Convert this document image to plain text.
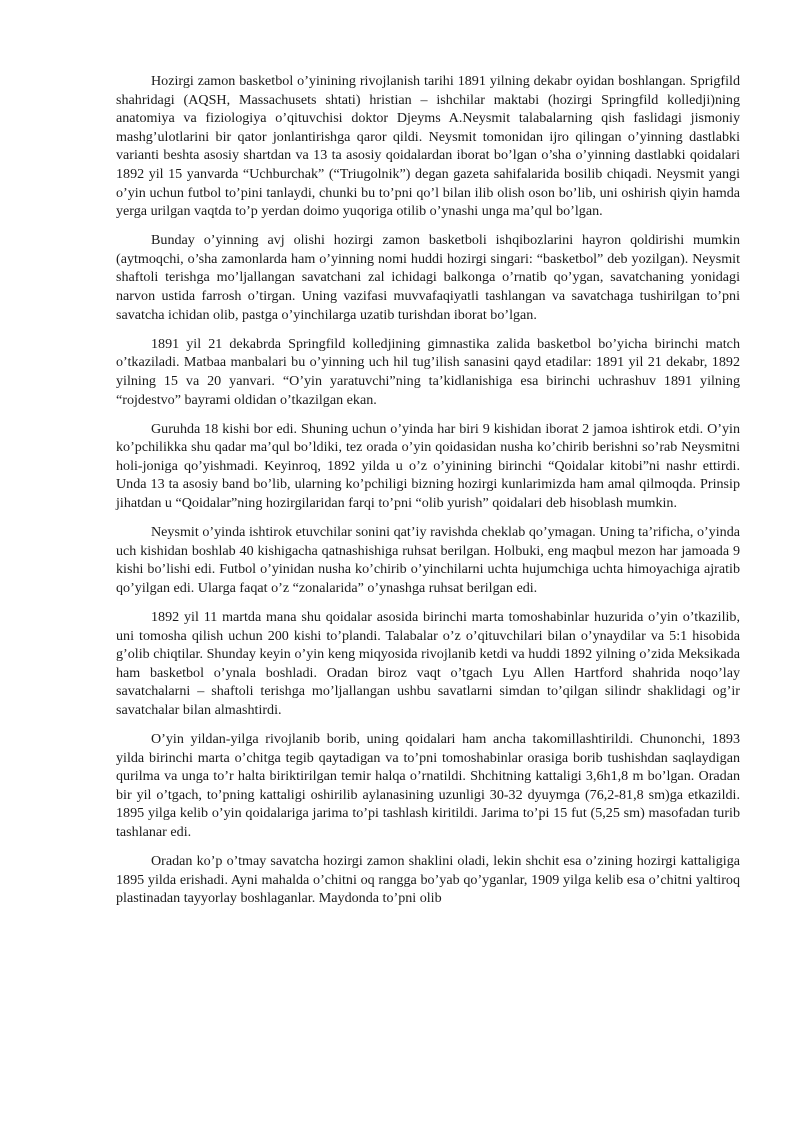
Hozirgi zamon basketbol o’yinining rivojlanish tarihi 1891 yilning dekabr oyidan boshlangan. Sprigfild shahridagi (AQSH, Massachusets shtati) hristian – ishchilar maktabi (hozirgi Springfild kolledji)ning anatomiya va fiziologiya o’qituvchisi doktor Djeyms A.Neysmit talabalarning qish faslidagi jismoniy mashg’ulotlarini bir qator jonlantirishga qaror qildi. Neysmit tomonidan ijro qilingan o’yinning dastlabki varianti beshta asosiy shartdan va 13 ta asosiy qoidalardan iborat bo’lgan o’sha o’yinning dastlabki qoidalari 1892 yil 15 yanvarda “Uchburchak” (“Triugolnik”) degan gazeta sahifalarida bosilib chiqadi. Neysmit yangi o’yin uchun futbol to’pini tanlaydi, chunki bu to’pni qo’l bilan ilib olish oson bo’lib, uni oshirish qiyin hamda yerga urilgan vaqtda to’p yerdan doimo yuqoriga otilib o’ynashi unga ma’qul bo’lgan.

Bunday o’yinning avj olishi hozirgi zamon basketboli ishqibozlarini hayron qoldirishi mumkin (aytmoqchi, o’sha zamonlarda ham o’yinning nomi huddi hozirgi singari: “basketbol” deb yozilgan). Neysmit shaftoli terishga mo’ljallangan savatchani zal ichidagi balkonga o’rnatib qo’ygan, savatchaning yonidagi narvon ustida farrosh o’tirgan. Uning vazifasi muvvafaqiyatli tashlangan va savatchaga tushirilgan to’pni savatcha ichidan olib, pastga o’yinchilarga uzatib turishdan iborat bo’lgan.

1891 yil 21 dekabrda Springfild kolledjining gimnastika zalida basketbol bo’yicha birinchi match o’tkaziladi. Matbaa manbalari bu o’yinning uch hil tug’ilish sanasini qayd etadilar: 1891 yil 21 dekabr, 1892 yilning 15 va 20 yanvari. “O’yin yaratuvchi”ning ta’kidlanishiga esa birinchi uchrashuv 1891 yilning “rojdestvo” bayrami oldidan o’tkazilgan ekan.

Guruhda 18 kishi bor edi. Shuning uchun o’yinda har biri 9 kishidan iborat 2 jamoa ishtirok etdi. O’yin ko’pchilikka shu qadar ma’qul bo’ldiki, tez orada o’yin qoidasidan nusha ko’chirib berishni so’rab Neysmitni holi-joniga qo’yishmadi. Keyinroq, 1892 yilda u o’z o’yinining birinchi “Qoidalar kitobi”ni nashr ettirdi. Unda 13 ta asosiy band bo’lib, ularning ko’pchiligi bizning hozirgi kunlarimizda ham amal qilmoqda. Prinsip jihatdan u “Qoidalar”ning hozirgilaridan farqi to’pni “olib yurish” qoidalari deb hisoblash mumkin.

Neysmit o’yinda ishtirok etuvchilar sonini qat’iy ravishda cheklab qo’ymagan. Uning ta’rificha, o’yinda uch kishidan boshlab 40 kishigacha qatnashishiga ruhsat berilgan. Holbuki, eng maqbul mezon har jamoada 9 kishi bo’lishi edi. Futbol o’yinidan nusha ko’chirib o’yinchilarni uchta hujumchiga uchta himoyachiga ajratib qo’yilgan edi. Ularga faqat o’z “zonalarida” o’ynashga ruhsat berilgan edi.

1892 yil 11 martda mana shu qoidalar asosida birinchi marta tomoshabinlar huzurida o’yin o’tkazilib, uni tomosha qilish uchun 200 kishi to’plandi. Talabalar o’z o’qituvchilari bilan o’ynaydilar va 5:1 hisobida g’olib chiqtilar. Shunday keyin o’yin keng miqyosida rivojlanib ketdi va huddi 1892 yilning o’zida Meksikada ham basketbol o’ynala boshladi. Oradan biroz vaqt o’tgach Lyu Allen Hartford shahrida noqo’lay savatchalarni – shaftoli terishga mo’ljallangan ushbu savatlarni simdan to’qilgan silindr shaklidagi og’ir savatchalar bilan almashtirdi.

O’yin yildan-yilga rivojlanib borib, uning qoidalari ham ancha takomillashtirildi. Chunonchi, 1893 yilda birinchi marta o’chitga tegib qaytadigan va to’pni tomoshabinlar orasiga borib tushishdan saqlaydigan qurilma va unga to’r halta biriktirilgan temir halqa o’rnatildi. Shchitning kattaligi 3,6h1,8 m bo’lgan. Oradan bir yil o’tgach, to’pning kattaligi oshirilib aylanasining uzunligi 30-32 dyuymga (76,2-81,8 sm)ga etkazildi. 1895 yilga kelib o’yin qoidalariga jarima to’pi tashlash kiritildi. Jarima to’pi 15 fut (5,25 sm) masofadan turib tashlanar edi.

Oradan ko’p o’tmay savatcha hozirgi zamon shaklini oladi, lekin shchit esa o’zining hozirgi kattaligiga 1895 yilda erishadi. Ayni mahalda o’chitni oq rangga bo’yab qo’yganlar, 1909 yilga kelib esa o’chitni yaltiroq plastinadan tayyorlay boshlaganlar. Maydonda to’pni olib
